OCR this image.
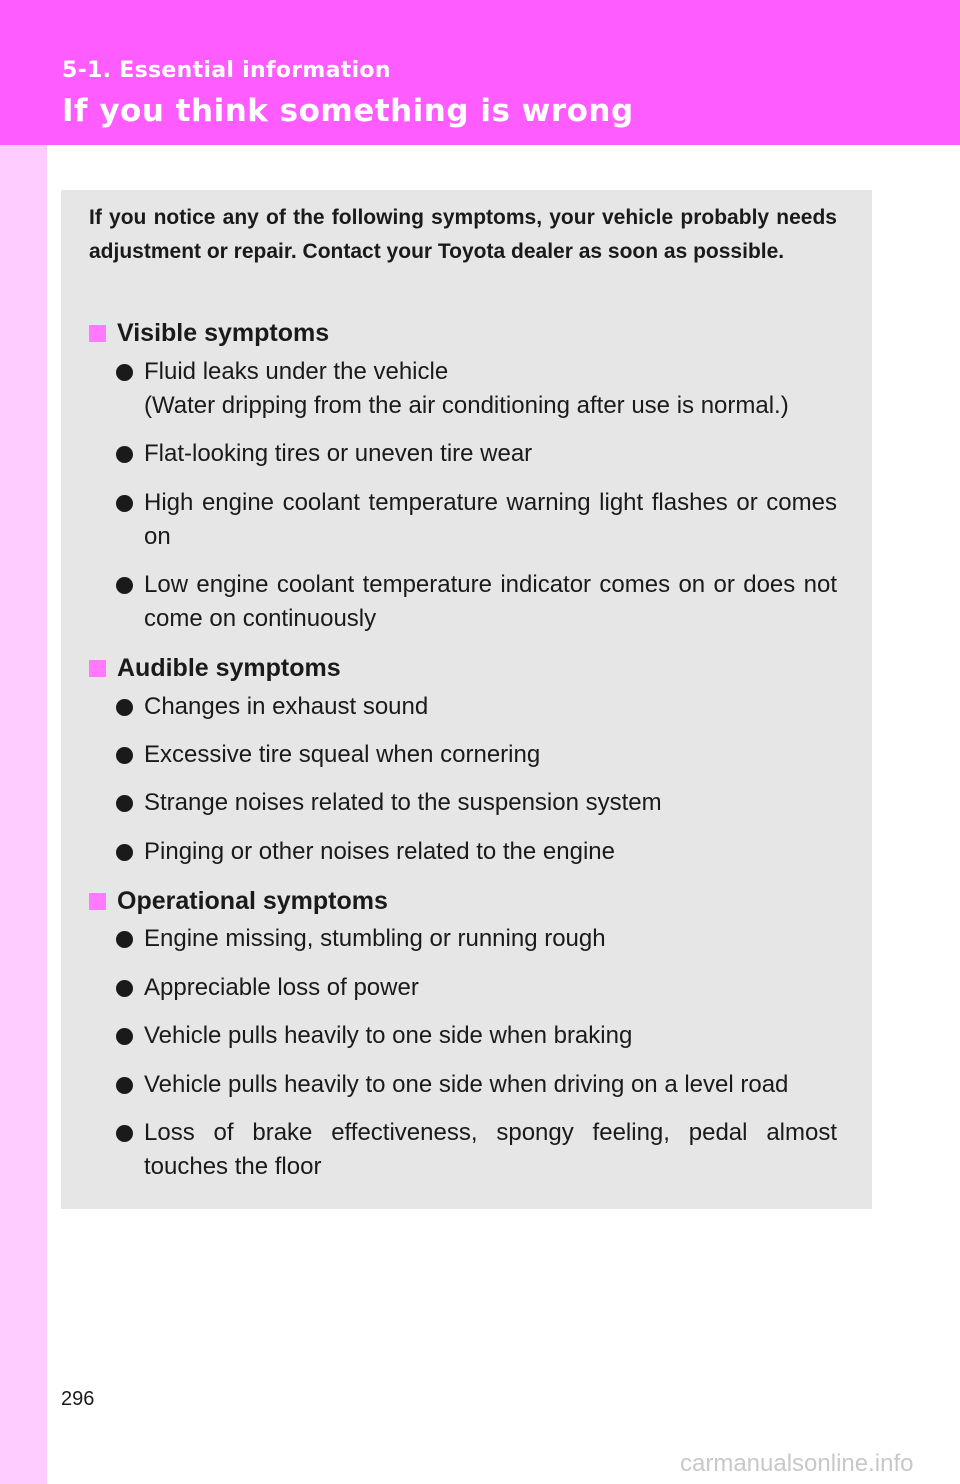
5-1. Essential information
If you think something is wrong

If you notice any of the following symptoms, your vehicle probably needs adjustment or repair. Contact your Toyota dealer as soon as possible.

Visible symptoms
Fluid leaks under the vehicle
(Water dripping from the air conditioning after use is normal.)
Flat-looking tires or uneven tire wear
High engine coolant temperature warning light flashes or comes on
Low engine coolant temperature indicator comes on or does not come on continuously
Audible symptoms
Changes in exhaust sound
Excessive tire squeal when cornering
Strange noises related to the suspension system
Pinging or other noises related to the engine
Operational symptoms
Engine missing, stumbling or running rough
Appreciable loss of power
Vehicle pulls heavily to one side when braking
Vehicle pulls heavily to one side when driving on a level road
Loss of brake effectiveness, spongy feeling, pedal almost touches the floor
296
carmanualsonline.info
